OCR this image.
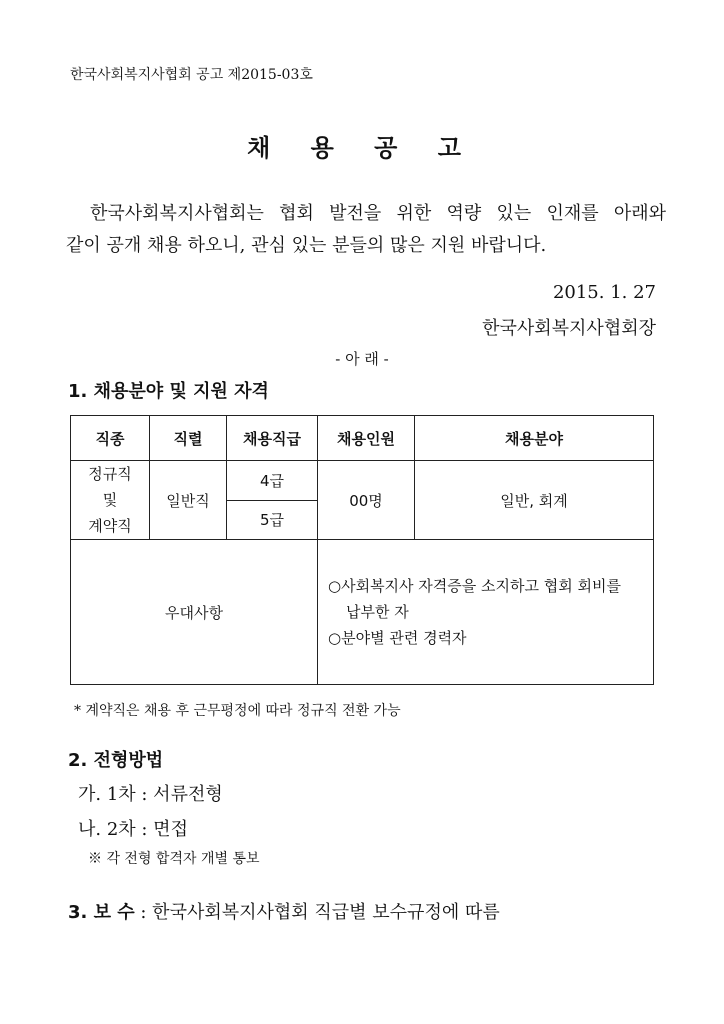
한국사회복지사협회 공고 제2015-03호
채 용 공 고

한국사회복지사협회는 협회 발전을 위한 역량 있는 인재를 아래와

같이 공개 채용 하오니, 관심 있는 분들의 많은 지원 바랍니다.

2015. 1. 27
한국사회복지사협회장
- 아 래 -
1. 채용분야 및 지원 자격
직종	직렬	채용직급	채용인원	채용분야

정규직
및
계약직	일반직	4급	00명	일반, 회계
		5급		
우대사항			○사회복지사 자격증을 소지하고 협회 회비를
납부한 자
○분야별 관련 경력자	
* 계약직은 채용 후 근무평정에 따라 정규직 전환 가능
2. 전형방법
가. 1차 : 서류전형
나. 2차 : 면접
※ 각 전형 합격자 개별 통보
3. 보 수 : 한국사회복지사협회 직급별 보수규정에 따름
